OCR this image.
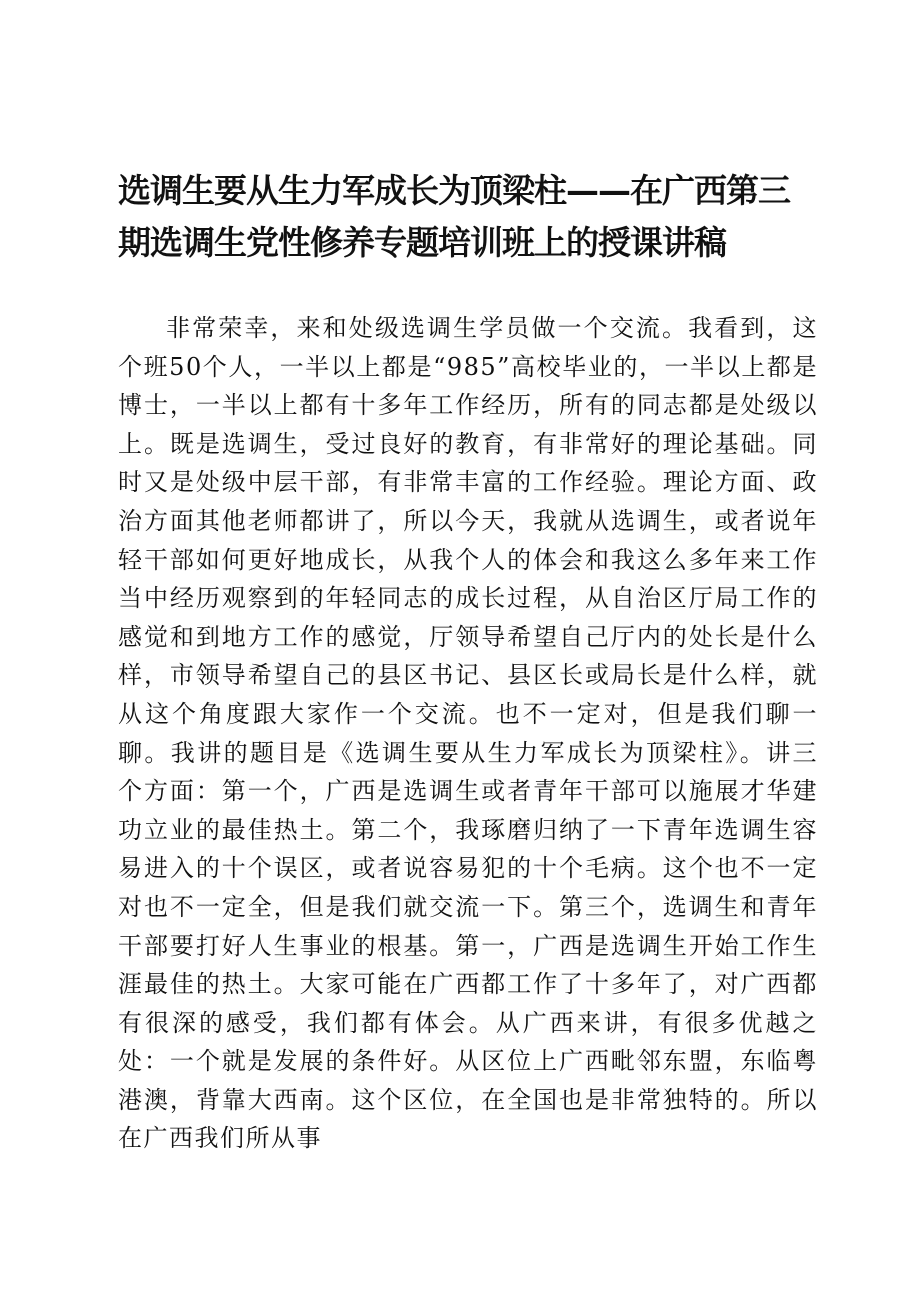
选调生要从生力军成长为顶梁柱——在广西第三期选调生党性修养专题培训班上的授课讲稿

非常荣幸，来和处级选调生学员做一个交流。我看到，这个班50个人，一半以上都是“985”高校毕业的，一半以上都是博士，一半以上都有十多年工作经历，所有的同志都是处级以上。既是选调生，受过良好的教育，有非常好的理论基础。同时又是处级中层干部，有非常丰富的工作经验。理论方面、政治方面其他老师都讲了，所以今天，我就从选调生，或者说年轻干部如何更好地成长，从我个人的体会和我这么多年来工作当中经历观察到的年轻同志的成长过程，从自治区厅局工作的感觉和到地方工作的感觉，厅领导希望自己厅内的处长是什么样，市领导希望自己的县区书记、县区长或局长是什么样，就从这个角度跟大家作一个交流。也不一定对，但是我们聊一聊。我讲的题目是《选调生要从生力军成长为顶梁柱》。讲三个方面：第一个，广西是选调生或者青年干部可以施展才华建功立业的最佳热土。第二个，我琢磨归纳了一下青年选调生容易进入的十个误区，或者说容易犯的十个毛病。这个也不一定对也不一定全，但是我们就交流一下。第三个，选调生和青年干部要打好人生事业的根基。第一，广西是选调生开始工作生涯最佳的热土。大家可能在广西都工作了十多年了，对广西都有很深的感受，我们都有体会。从广西来讲，有很多优越之处：一个就是发展的条件好。从区位上广西毗邻东盟，东临粤港澳，背靠大西南。这个区位，在全国也是非常独特的。所以在广西我们所从事
